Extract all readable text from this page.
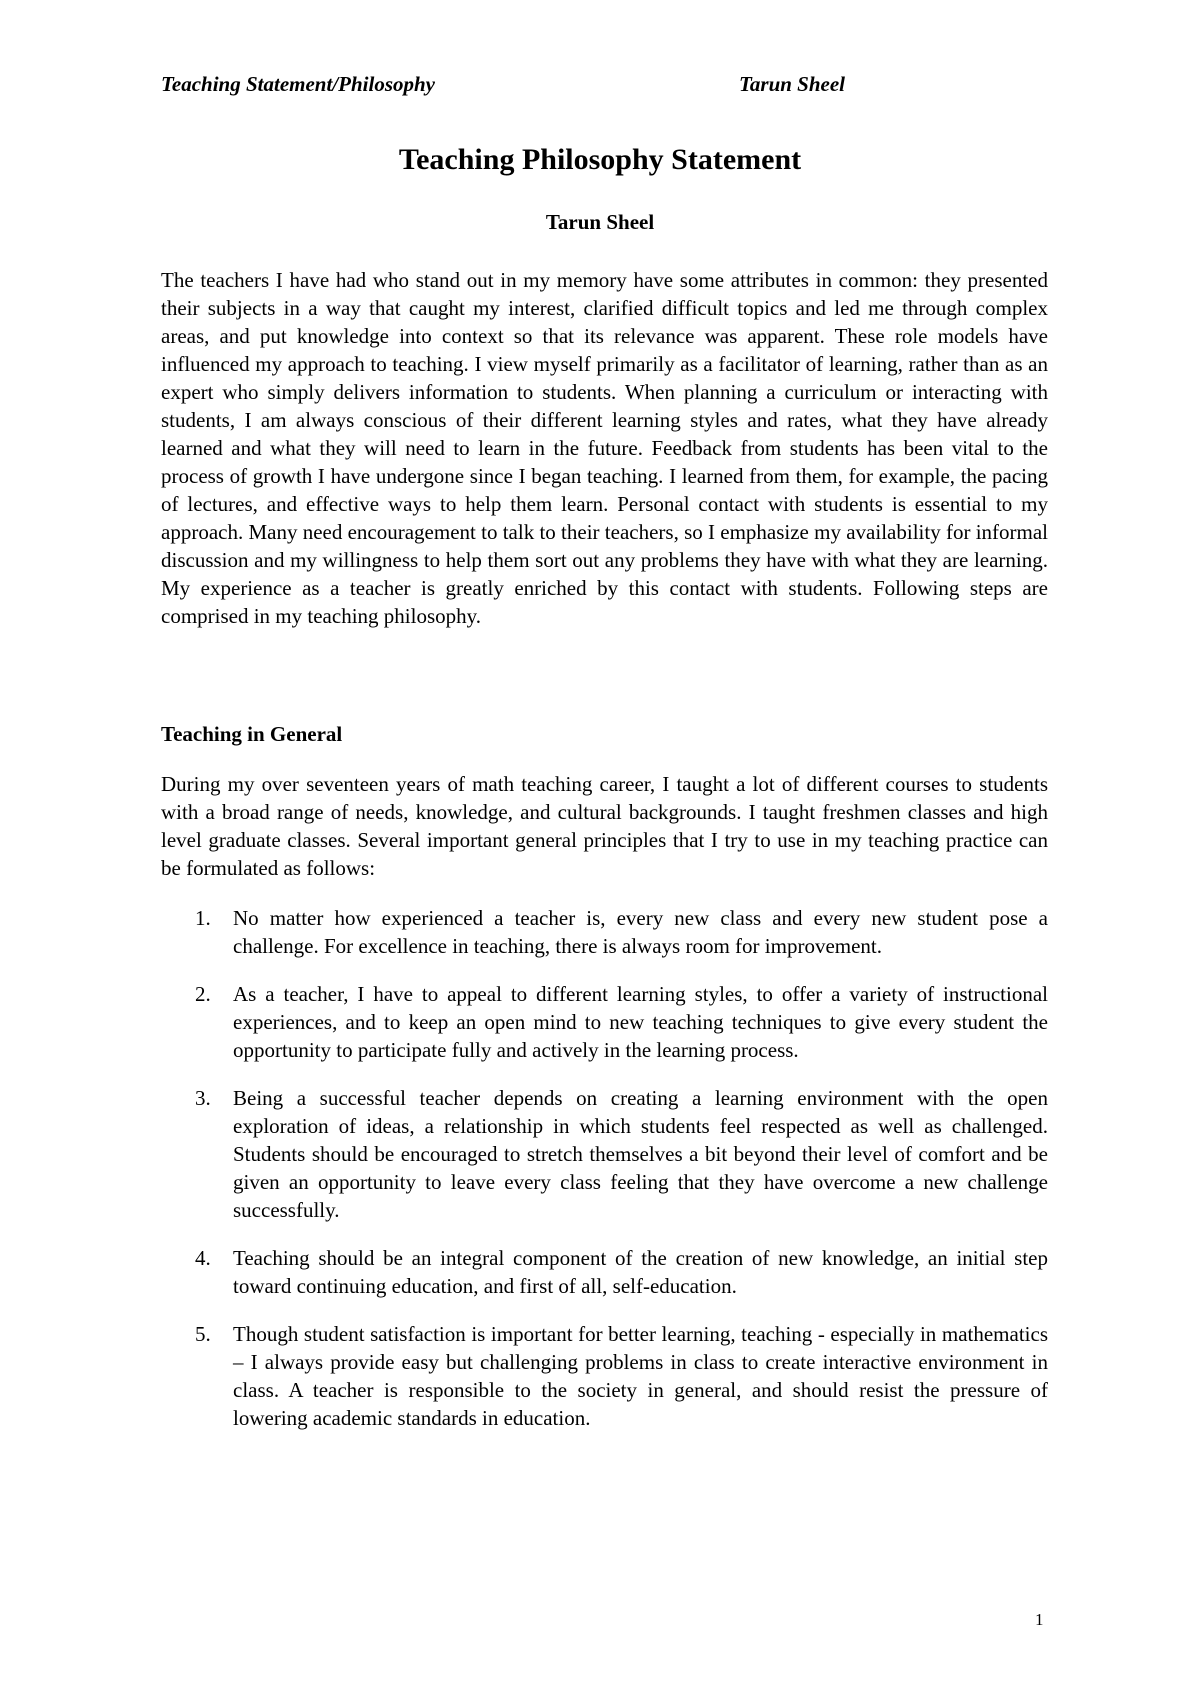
Teaching Statement/Philosophy	Tarun Sheel
Teaching Philosophy Statement
Tarun Sheel

The teachers I have had who stand out in my memory have some attributes in common: they presented their subjects in a way that caught my interest, clarified difficult topics and led me through complex areas, and put knowledge into context so that its relevance was apparent. These role models have influenced my approach to teaching. I view myself primarily as a facilitator of learning, rather than as an expert who simply delivers information to students. When planning a curriculum or interacting with students, I am always conscious of their different learning styles and rates, what they have already learned and what they will need to learn in the future. Feedback from students has been vital to the process of growth I have undergone since I began teaching. I learned from them, for example, the pacing of lectures, and effective ways to help them learn. Personal contact with students is essential to my approach. Many need encouragement to talk to their teachers, so I emphasize my availability for informal discussion and my willingness to help them sort out any problems they have with what they are learning. My experience as a teacher is greatly enriched by this contact with students. Following steps are comprised in my teaching philosophy.

Teaching in General

During my over seventeen years of math teaching career, I taught a lot of different courses to students with a broad range of needs, knowledge, and cultural backgrounds. I taught freshmen classes and high level graduate classes. Several important general principles that I try to use in my teaching practice can be formulated as follows:

1. No matter how experienced a teacher is, every new class and every new student pose a challenge. For excellence in teaching, there is always room for improvement.
2. As a teacher, I have to appeal to different learning styles, to offer a variety of instructional experiences, and to keep an open mind to new teaching techniques to give every student the opportunity to participate fully and actively in the learning process.
3. Being a successful teacher depends on creating a learning environment with the open exploration of ideas, a relationship in which students feel respected as well as challenged. Students should be encouraged to stretch themselves a bit beyond their level of comfort and be given an opportunity to leave every class feeling that they have overcome a new challenge successfully.
4. Teaching should be an integral component of the creation of new knowledge, an initial step toward continuing education, and first of all, self-education.
5. Though student satisfaction is important for better learning, teaching - especially in mathematics – I always provide easy but challenging problems in class to create interactive environment in class. A teacher is responsible to the society in general, and should resist the pressure of lowering academic standards in education.
1
